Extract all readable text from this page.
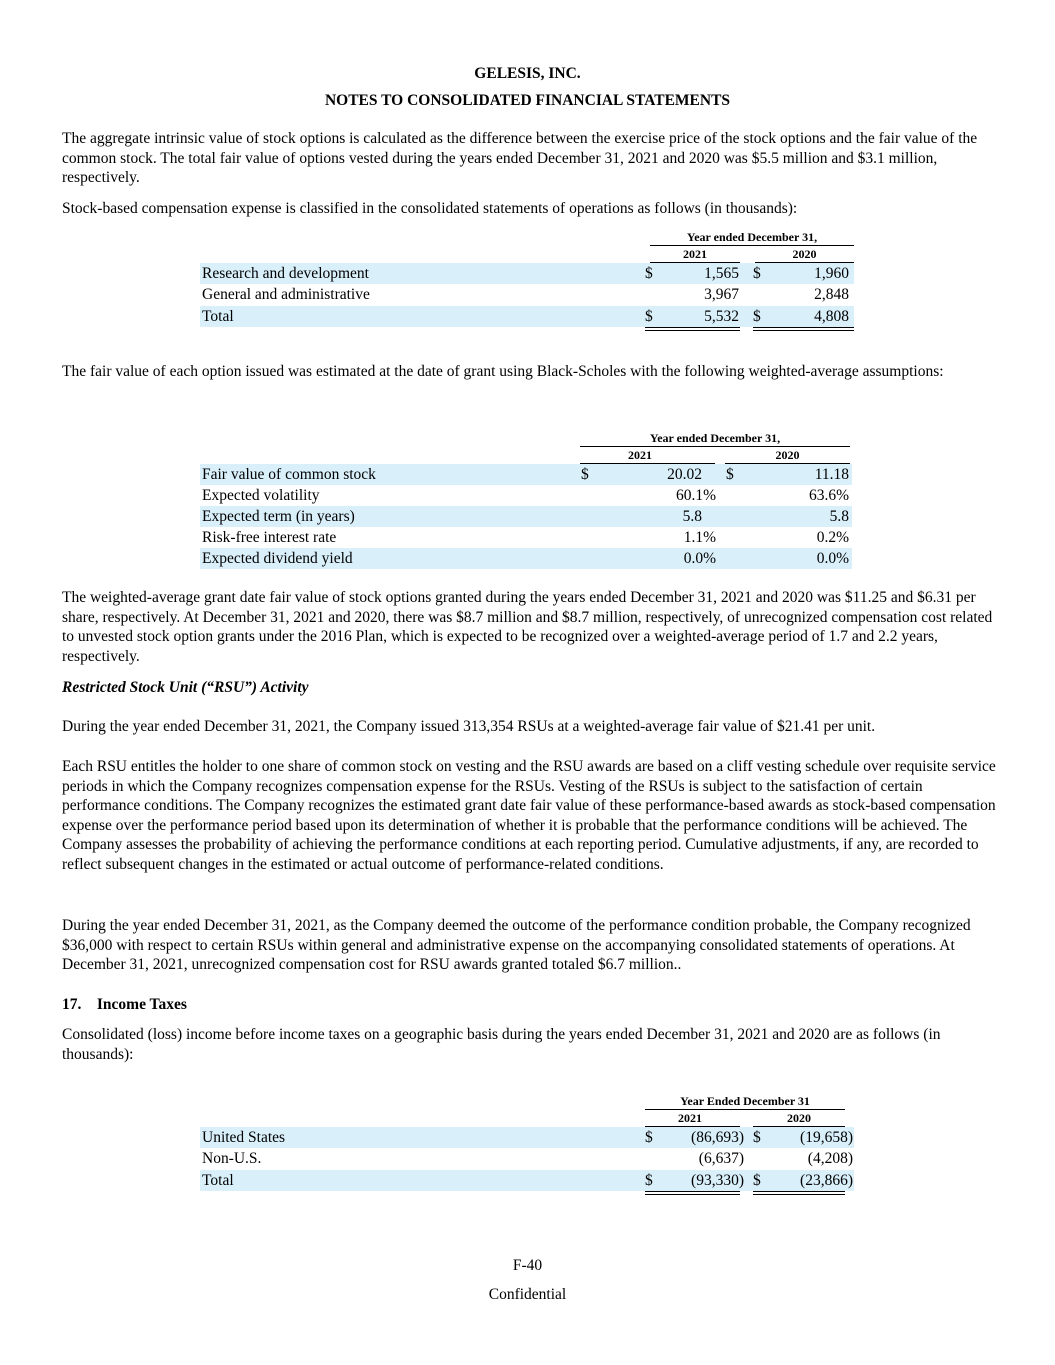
GELESIS, INC.
NOTES TO CONSOLIDATED FINANCIAL STATEMENTS

The aggregate intrinsic value of stock options is calculated as the difference between the exercise price of the stock options and the fair value of the common stock. The total fair value of options vested during the years ended December 31, 2021 and 2020 was $5.5 million and $3.1 million, respectively.

Stock-based compensation expense is classified in the consolidated statements of operations as follows (in thousands):

Year ended December 31,
2021	2020
Research and development	$	1,565 $	1,960
General and administrative	3,967	2,848
Total	$	5,532 $	4,808

The fair value of each option issued was estimated at the date of grant using Black-Scholes with the following weighted-average assumptions:

Year ended December 31,
2021	2020
Fair value of common stock	$	20.02 $	11.18
Expected volatility	60.1%	63.6%
Expected term (in years)	5.8	5.8
Risk-free interest rate	1.1%	0.2%
Expected dividend yield	0.0%	0.0%

The weighted-average grant date fair value of stock options granted during the years ended December 31, 2021 and 2020 was $11.25 and $6.31 per share, respectively. At December 31, 2021 and 2020, there was $8.7 million and $8.7 million, respectively, of unrecognized compensation cost related to unvested stock option grants under the 2016 Plan, which is expected to be recognized over a weighted-average period of 1.7 and 2.2 years, respectively.

Restricted Stock Unit (“RSU”) Activity

During the year ended December 31, 2021, the Company issued 313,354 RSUs at a weighted-average fair value of $21.41 per unit.

Each RSU entitles the holder to one share of common stock on vesting and the RSU awards are based on a cliff vesting schedule over requisite service periods in which the Company recognizes compensation expense for the RSUs. Vesting of the RSUs is subject to the satisfaction of certain performance conditions. The Company recognizes the estimated grant date fair value of these performance-based awards as stock-based compensation expense over the performance period based upon its determination of whether it is probable that the performance conditions will be achieved. The Company assesses the probability of achieving the performance conditions at each reporting period. Cumulative adjustments, if any, are recorded to reflect subsequent changes in the estimated or actual outcome of performance-related conditions.

During the year ended December 31, 2021, as the Company deemed the outcome of the performance condition probable, the Company recognized $36,000 with respect to certain RSUs within general and administrative expense on the accompanying consolidated statements of operations. At December 31, 2021, unrecognized compensation cost for RSU awards granted totaled $6.7 million..

17.    Income Taxes

Consolidated (loss) income before income taxes on a geographic basis during the years ended December 31, 2021 and 2020 are as follows (in thousands):

Year Ended December 31
2021	2020
United States	$	(86,693) $	(19,658)
Non-U.S.	(6,637)	(4,208)
Total	$	(93,330) $	(23,866)
F-40
Confidential
